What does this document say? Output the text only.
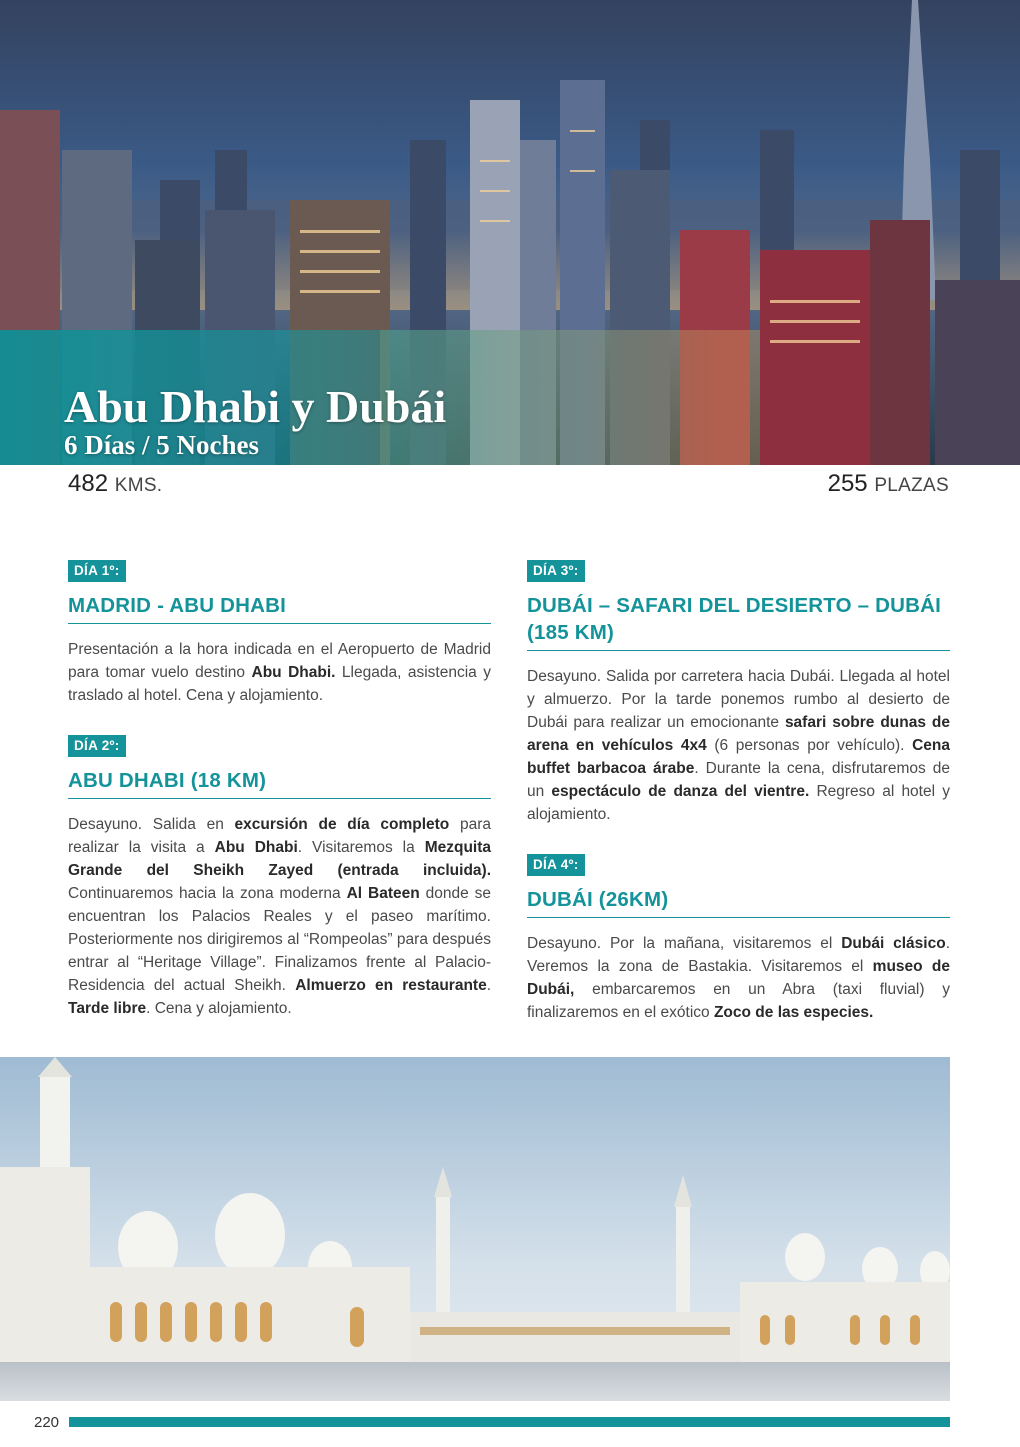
Abu Dhabi y Dubái
6 Días / 5 Noches
482 KMS.	255 PLAZAS
DÍA 1º:
MADRID - ABU DHABI

Presentación a la hora indicada en el Aeropuerto de Madrid para tomar vuelo destino Abu Dhabi. Llegada, asistencia y traslado al hotel. Cena y alojamiento.

DÍA 2º:
ABU DHABI (18 KM)

Desayuno. Salida en excursión de día completo para realizar la visita a Abu Dhabi. Visitaremos la Mezquita Grande del Sheikh Zayed (entrada incluida). Continuaremos hacia la zona moderna Al Bateen donde se encuentran los Palacios Reales y el paseo marítimo. Posteriormente nos dirigiremos al “Rompeolas” para después entrar al “Heritage Village”. Finalizamos frente al Palacio-Residencia del actual Sheikh. Almuerzo en restaurante. Tarde libre. Cena y alojamiento.

DÍA 3º:
DUBÁI – SAFARI DEL DESIERTO – DUBÁI (185 KM)

Desayuno. Salida por carretera hacia Dubái. Llegada al hotel y almuerzo. Por la tarde ponemos rumbo al desierto de Dubái para realizar un emocionante safari sobre dunas de arena en vehículos 4x4 (6 personas por vehículo). Cena buffet barbacoa árabe. Durante la cena, disfrutaremos de un espectáculo de danza del vientre. Regreso al hotel y alojamiento.

DÍA 4º:
DUBÁI (26KM)

Desayuno. Por la mañana, visitaremos el Dubái clásico. Veremos la zona de Bastakia. Visitaremos el museo de Dubái, embarcaremos en un Abra (taxi fluvial) y finalizaremos en el exótico Zoco de las especies.

220
